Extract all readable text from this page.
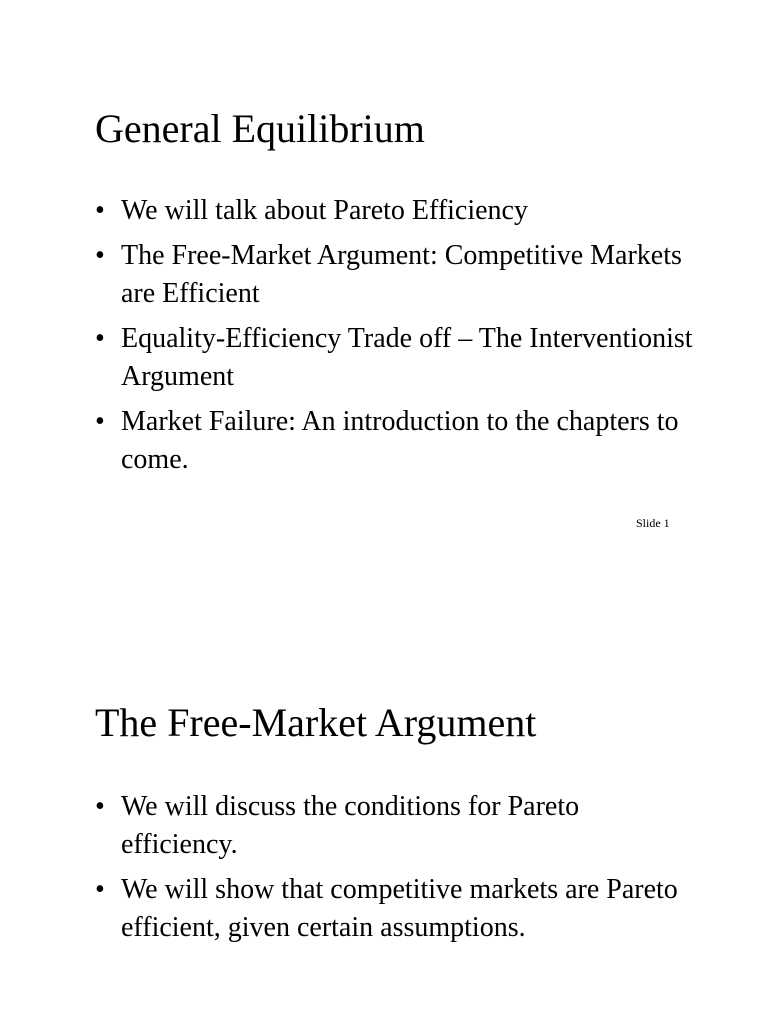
General Equilibrium
• We will talk about Pareto Efficiency
• The Free-Market Argument: Competitive Markets are Efficient
• Equality-Efficiency Trade off – The Interventionist Argument
• Market Failure: An introduction to the chapters to come.
Slide 1
The Free-Market Argument
• We will discuss the conditions for Pareto efficiency.
• We will show that competitive markets are Pareto efficient, given certain assumptions.
